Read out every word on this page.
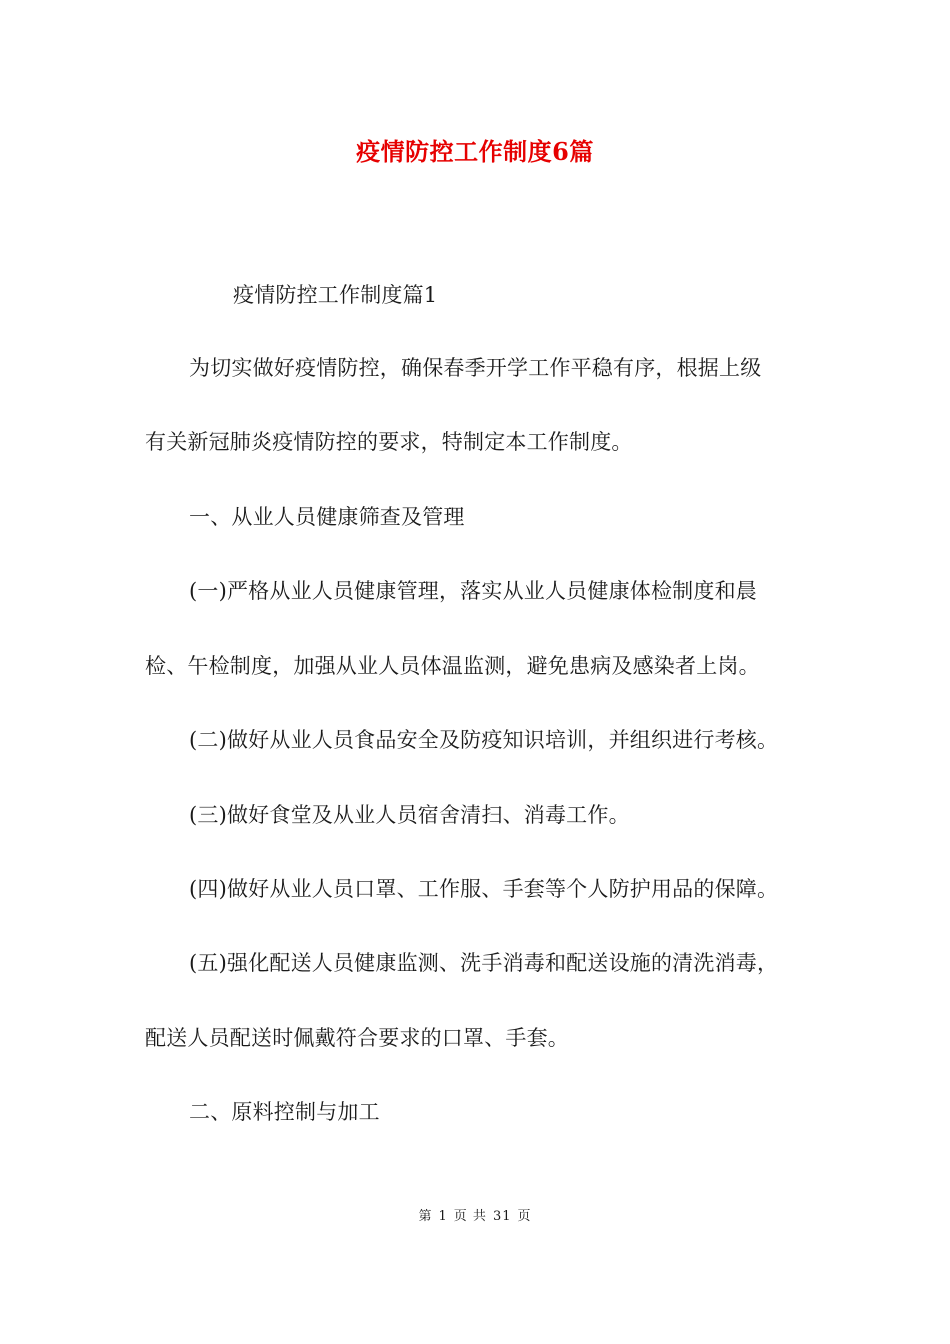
疫情防控工作制度6篇
疫情防控工作制度篇1
为切实做好疫情防控，确保春季开学工作平稳有序，根据上级
有关新冠肺炎疫情防控的要求，特制定本工作制度。
一、从业人员健康筛查及管理
(一)严格从业人员健康管理，落实从业人员健康体检制度和晨
检、午检制度，加强从业人员体温监测，避免患病及感染者上岗。
(二)做好从业人员食品安全及防疫知识培训，并组织进行考核。
(三)做好食堂及从业人员宿舍清扫、消毒工作。
(四)做好从业人员口罩、工作服、手套等个人防护用品的保障。
(五)强化配送人员健康监测、洗手消毒和配送设施的清洗消毒，
配送人员配送时佩戴符合要求的口罩、手套。
二、原料控制与加工
第 1 页 共 31 页
